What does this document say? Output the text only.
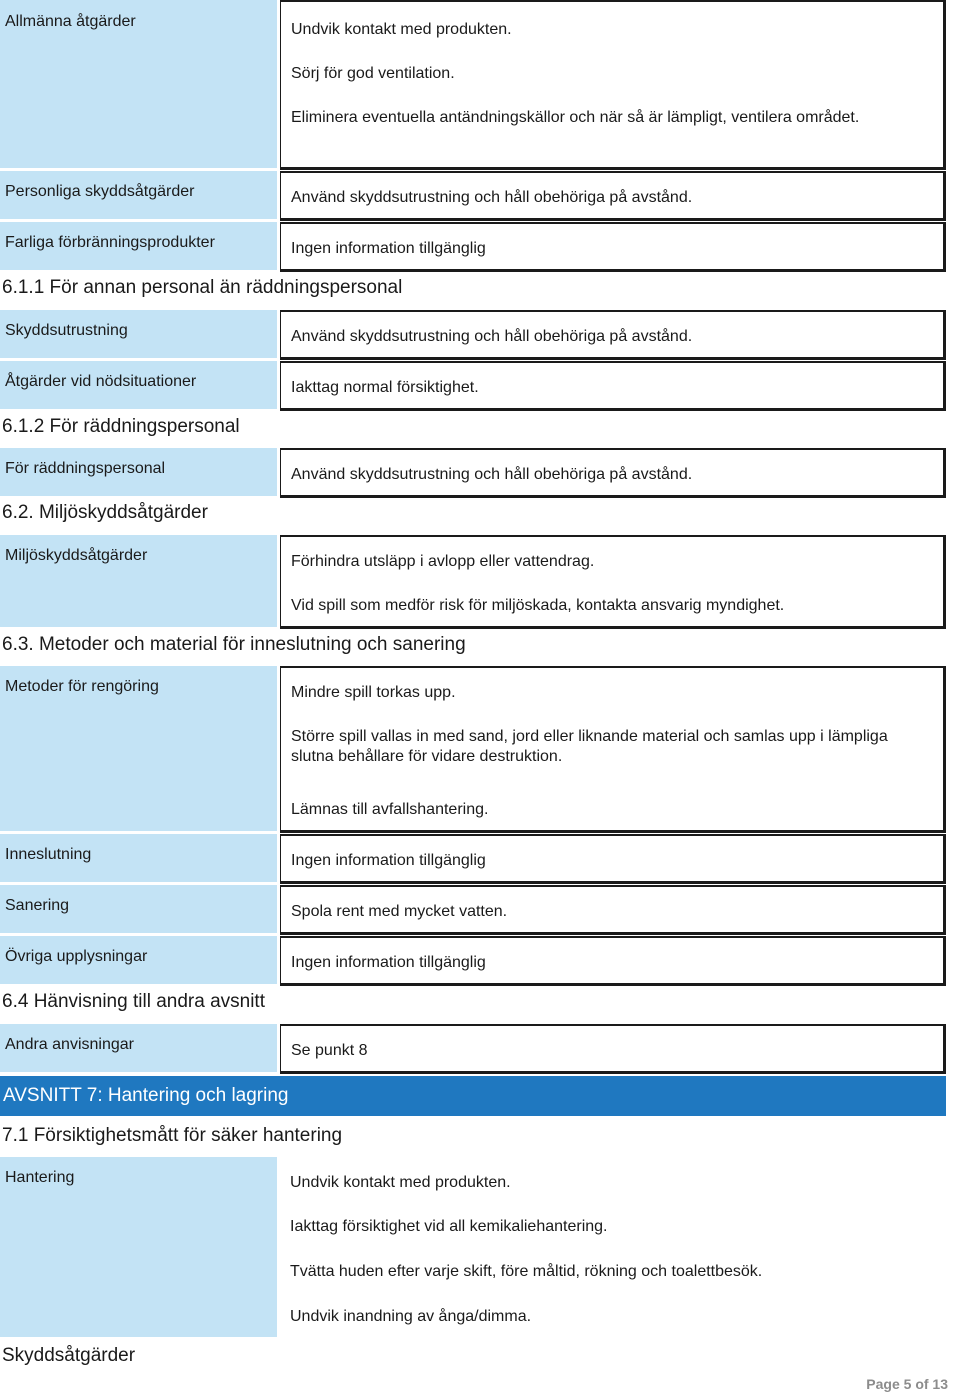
Allmänna åtgärder	Undvik kontakt med produkten.

Sörj för god ventilation.

Eliminera eventuella antändningskällor och när så är lämpligt, ventilera området.

Personliga skyddsåtgärder	Använd skyddsutrustning och håll obehöriga på avstånd.

Farliga förbränningsprodukter	Ingen information tillgänglig

6.1.1 För annan personal än räddningspersonal
Skyddsutrustning	Använd skyddsutrustning och håll obehöriga på avstånd.

Åtgärder vid nödsituationer	Iakttag normal försiktighet.

6.1.2 För räddningspersonal
För räddningspersonal	Använd skyddsutrustning och håll obehöriga på avstånd.

6.2. Miljöskyddsåtgärder
Miljöskyddsåtgärder	Förhindra utsläpp i avlopp eller vattendrag.

Vid spill som medför risk för miljöskada, kontakta ansvarig myndighet.

6.3. Metoder och material för inneslutning och sanering
Metoder för rengöring	Mindre spill torkas upp.

Större spill vallas in med sand, jord eller liknande material och samlas upp i lämpliga slutna behållare för vidare destruktion.

Lämnas till avfallshantering.

Inneslutning	Ingen information tillgänglig

Sanering	Spola rent med mycket vatten.

Övriga upplysningar	Ingen information tillgänglig

6.4 Hänvisning till andra avsnitt
Andra anvisningar	Se punkt 8

AVSNITT 7: Hantering och lagring
7.1 Försiktighetsmått för säker hantering
Hantering	Undvik kontakt med produkten.

Iakttag försiktighet vid all kemikaliehantering.

Tvätta huden efter varje skift, före måltid, rökning och toalettbesök.

Undvik inandning av ånga/dimma.

Skyddsåtgärder
Page 5 of 13
